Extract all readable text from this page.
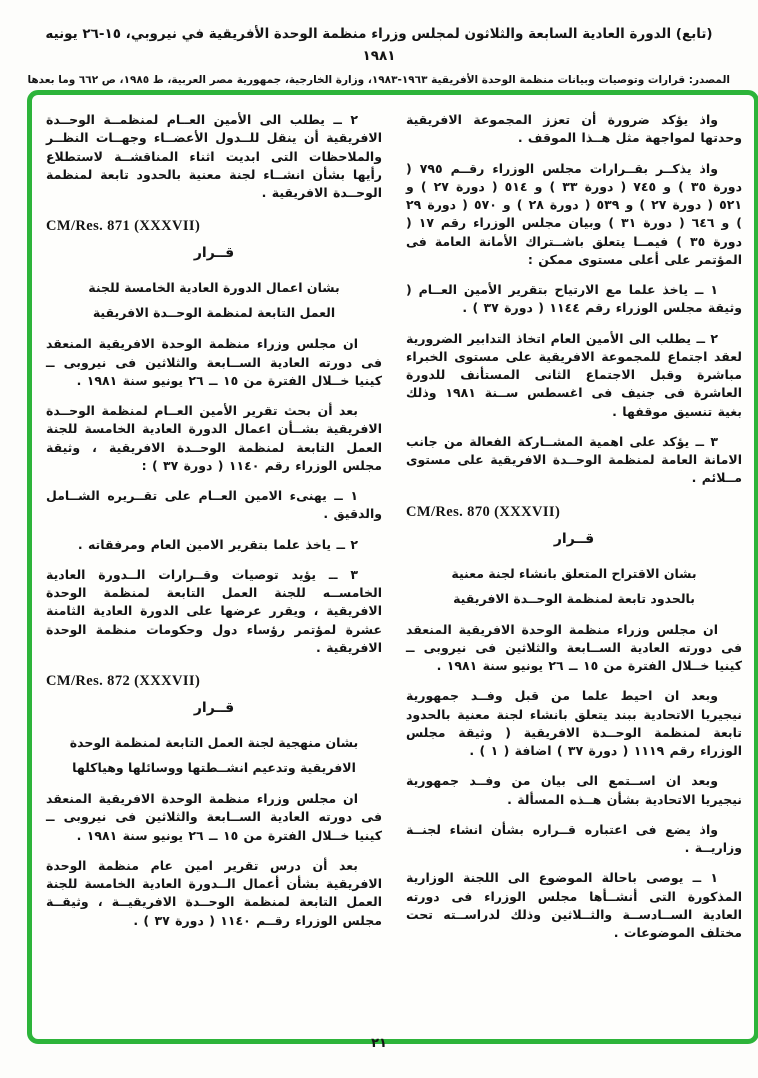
(تابع) الدورة العادية السابعة والثلاثون لمجلس وزراء منظمة الوحدة الأفريقية في نيروبي، ١٥-٢٦ يونيه ١٩٨١
المصدر: قرارات وتوصيات وبيانات منظمة الوحدة الأفريقية ١٩٦٣-١٩٨٣، وزارة الخارجية، جمهورية مصر العربية، ط ١٩٨٥، ص ٦٦٢ وما بعدها

واذ يؤكد ضرورة أن تعزز المجموعة الافريقية وحدتها لمواجهة مثل هــذا الموقف .

واذ يذكــر بقــرارات مجلس الوزراء رقــم ٧٩٥ ( دورة ٣٥ ) و ٧٤٥ ( دورة ٣٣ ) و ٥١٤ ( دورة ٢٧ ) و ٥٢١ ( دورة ٢٧ ) و ٥٣٩ ( دورة ٢٨ ) و ٥٧٠ ( دورة ٢٩ ) و ٦٤٦ ( دورة ٣١ ) وبيان مجلس الوزراء رقم ١٧ ( دورة ٣٥ ) فيمــا يتعلق باشــتراك الأمانة العامة فى المؤتمر على أعلى مستوى ممكن :

١ ــ ياخذ علما مع الارتياح بتقرير الأمين العــام ( وثيقة مجلس الوزراء رقم ١١٤٤ ( دورة ٣٧ ) .

٢ ــ يطلب الى الأمين العام اتخاذ التدابير الضرورية لعقد اجتماع للمجموعة الافريقية على مستوى الخبراء مباشرة وقبل الاجتماع الثانى المستأنف للدورة العاشرة فى جنيف فى اغسطس ســنة ١٩٨١ وذلك بغية تنسيق موقفها .

٣ ــ يؤكد على اهمية المشــاركة الفعالة من جانب الامانة العامة لمنظمة الوحــدة الافريقية على مستوى مــلائم .

CM/Res. 870 (XXXVII)
قــرار
بشان الاقتراح المتعلق بانشاء لجنة معنية
بالحدود تابعة لمنظمة الوحــدة الافريقية

ان مجلس وزراء منظمة الوحدة الافريقية المنعقد فى دورته العادية الســابعة والثلاثين فى نيروبى ــ كينيا خــلال الفترة من ١٥ ــ ٢٦ يونيو سنة ١٩٨١ .

وبعد ان احيط علما من قبل وفــد جمهورية نيجيريا الاتحادية ببند يتعلق بانشاء لجنة معنية بالحدود تابعة لمنظمة الوحــدة الافريقية ( وثيقة مجلس الوزراء رقم ١١١٩ ( دورة ٣٧ ) اضافة ( ١ ) .

وبعد ان اســتمع الى بيان من وفــد جمهورية نيجيريا الاتحادية بشأن هــذه المسألة .

واذ يضع فى اعتباره قــراره بشأن انشاء لجنــة وزاريــة .

١ ــ يوصى باحالة الموضوع الى اللجنة الوزارية المذكورة التى أنشــأها مجلس الوزراء فى دورته العادية الســادســة والثــلاثين وذلك لدراســته تحت مختلف الموضوعات .

٢ ــ يطلب الى الأمين العــام لمنظمــة الوحــدة الافريقية أن ينقل للــدول الأعضــاء وجهــات النظــر والملاحظات التى ابديت اثناء المناقشــة لاستطلاع رأيها بشأن انشــاء لجنة معنية بالحدود تابعة لمنظمة الوحــدة الافريقية .

CM/Res. 871 (XXXVII)
قــرار
بشان اعمال الدورة العادية الخامسة للجنة
العمل التابعة لمنظمة الوحــدة الافريقية

ان مجلس وزراء منظمة الوحدة الافريقية المنعقد فى دورته العادية الســابعة والثلاثين فى نيروبى ــ كينيا خــلال الفترة من ١٥ ــ ٢٦ يونيو سنة ١٩٨١ .

بعد أن بحث تقرير الأمين العــام لمنظمة الوحــدة الافريقية بشــأن اعمال الدورة العادية الخامسة للجنة العمل التابعة لمنظمة الوحــدة الافريقية ، وثيقة مجلس الوزراء رقم ١١٤٠ ( دورة ٣٧ ) :

١ ــ يهنىء الامين العــام على تقــريره الشــامل والدقيق .

٢ ــ ياخذ علما بتقرير الامين العام ومرفقاته .

٣ ــ يؤيد توصيات وقــرارات الــدورة العادية الخامســه للجنة العمل التابعة لمنظمة الوحدة الافريقية ، ويقرر عرضها على الدورة العادية الثامنة عشرة لمؤتمر رؤساء دول وحكومات منظمة الوحدة الافريقية .

CM/Res. 872 (XXXVII)
قــرار
بشان منهجية لجنة العمل التابعة لمنظمة الوحدة
الافريقية وتدعيم انشــطتها ووسائلها وهياكلها

ان مجلس وزراء منظمة الوحدة الافريقية المنعقد فى دورته العادية الســابعة والثلاثين فى نيروبى ــ كينيا خــلال الفترة من ١٥ ــ ٢٦ يونيو سنة ١٩٨١ .

بعد أن درس تقرير امين عام منظمة الوحدة الافريقية بشأن أعمال الــدورة العادية الخامسة للجنة العمل التابعة لمنظمة الوحــدة الافريقيــة ، وثيقــة مجلس الوزراء رقــم ١١٤٠ ( دورة ٣٧ ) .

٢١
